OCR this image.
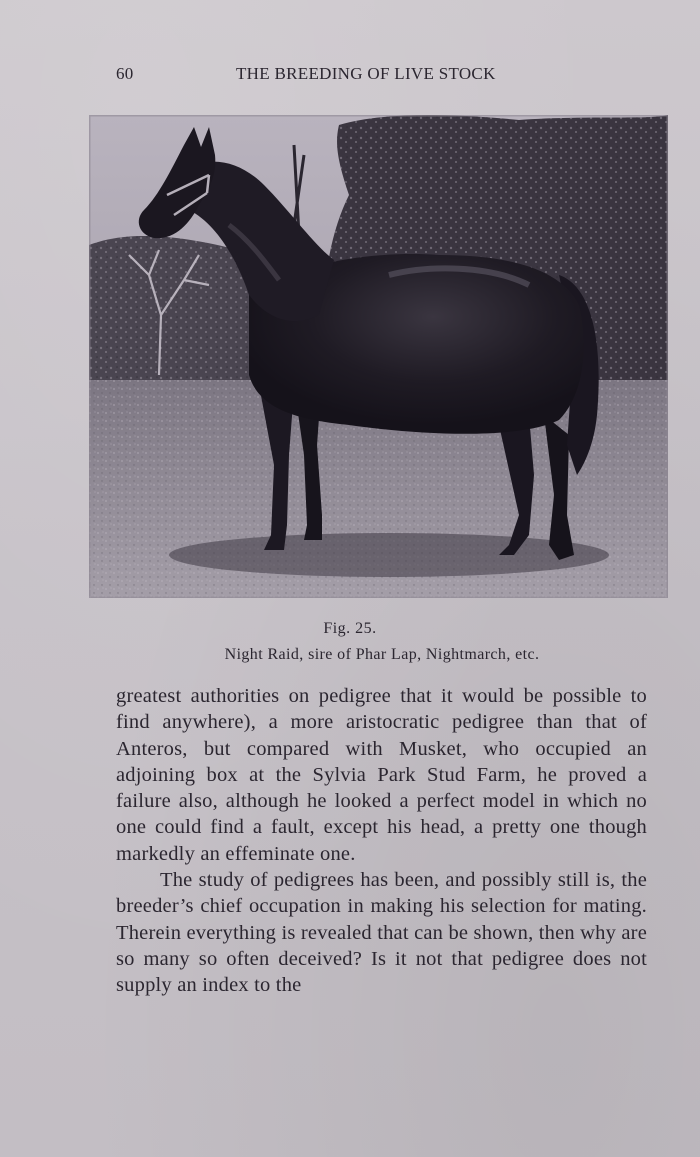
60	THE BREEDING OF LIVE STOCK
Fig. 25.
Night Raid, sire of Phar Lap, Nightmarch, etc.

greatest authorities on pedigree that it would be possible to find anywhere), a more aristocratic pedigree than that of Anteros, but compared with Musket, who occupied an adjoining box at the Sylvia Park Stud Farm, he proved a failure also, although he looked a perfect model in which no one could find a fault, except his head, a pretty one though markedly an effeminate one.

The study of pedigrees has been, and possibly still is, the breeder’s chief occupation in making his selection for mating. Therein everything is revealed that can be shown, then why are so many so often deceived? Is it not that pedigree does not supply an index to the
